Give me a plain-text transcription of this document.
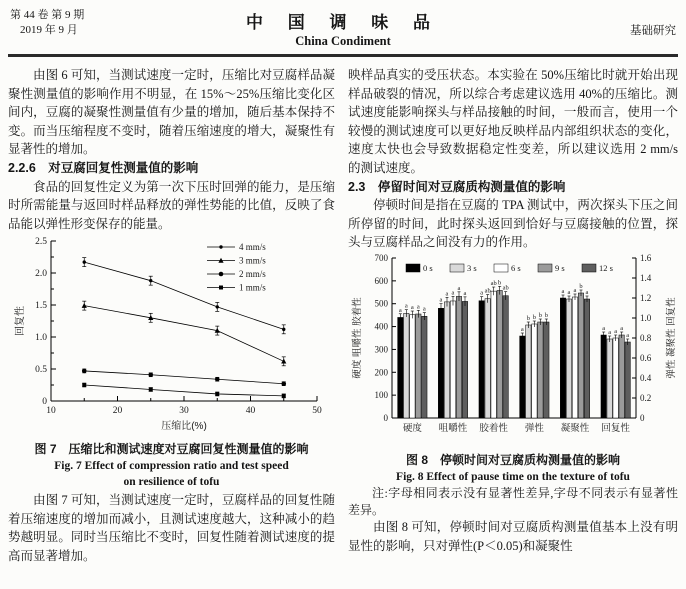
第 44 卷 第 9 期
2019 年 9 月	中 国 调 味 品
China Condiment
基础研究

由图 6 可知，当测试速度一定时，压缩比对豆腐样品凝聚性测量值的影响作用不明显，在 15%～25%压缩比变化区间内，豆腐的凝聚性测量值有少量的增加，随后基本保持不变。而当压缩程度不变时，随着压缩速度的增大，凝聚性有显著性的增加。

2.2.6　对豆腐回复性测量值的影响

食品的回复性定义为第一次下压时回弹的能力，是压缩时所需能量与返回时样品释放的弹性势能的比值，反映了食品能以弹性形变保存的能量。

0
0.5
1.0
1.5
2.0
2.5
10	20	30	40	50
压缩比(%)
回复性
4 mm/s
3 mm/s
2 mm/s
1 mm/s
图 7　压缩比和测试速度对豆腐回复性测量值的影响
Fig. 7 Effect of compression ratio and test speed
on resilience of tofu

由图 7 可知，当测试速度一定时，豆腐样品的回复性随着压缩速度的增加而减小，且测试速度越大，这种减小的趋势越明显。同时当压缩比不变时，回复性随着测试速度的提高而显著增加。

映样品真实的受压状态。本实验在 50%压缩比时就开始出现样品破裂的情况，所以综合考虑建议选用 40%的压缩比。测试速度能影响探头与样品接触的时间，一般而言，使用一个较慢的测试速度可以更好地反映样品内部组织状态的变化，速度太快也会导致数据稳定性变差，所以建议选用 2 mm/s 的测试速度。

2.3　停留时间对豆腐质构测量值的影响

停顿时间是指在豆腐的 TPA 测试中，两次探头下压之间所停留的时间，此时探头返回到恰好与豆腐接触的位置，探头与豆腐样品之间没有力的作用。

0
100
200
300
400
500
600
700
0
0.2
0.4
0.6
0.8
1.0
1.2
1.4
1.6
硬度 咀嚼性 胶着性	弹性 凝聚性 回复性
a
a a a a
硬度
a
a a
a
a
咀嚼性
a ab
ab b
ab
胶着性
a
b b b b
弹性
a a a
b
a
凝聚性
a
a a a
a
回复性
0 s	3 s	6 s	9 s	12 s
图 8　停顿时间对豆腐质构测量值的影响
Fig. 8 Effect of pause time on the texture of tofu

注:字母相同表示没有显著性差异,字母不同表示有显著性差异。

由图 8 可知，停顿时间对豆腐质构测量值基本上没有明显性的影响，只对弹性(P＜0.05)和凝聚性
